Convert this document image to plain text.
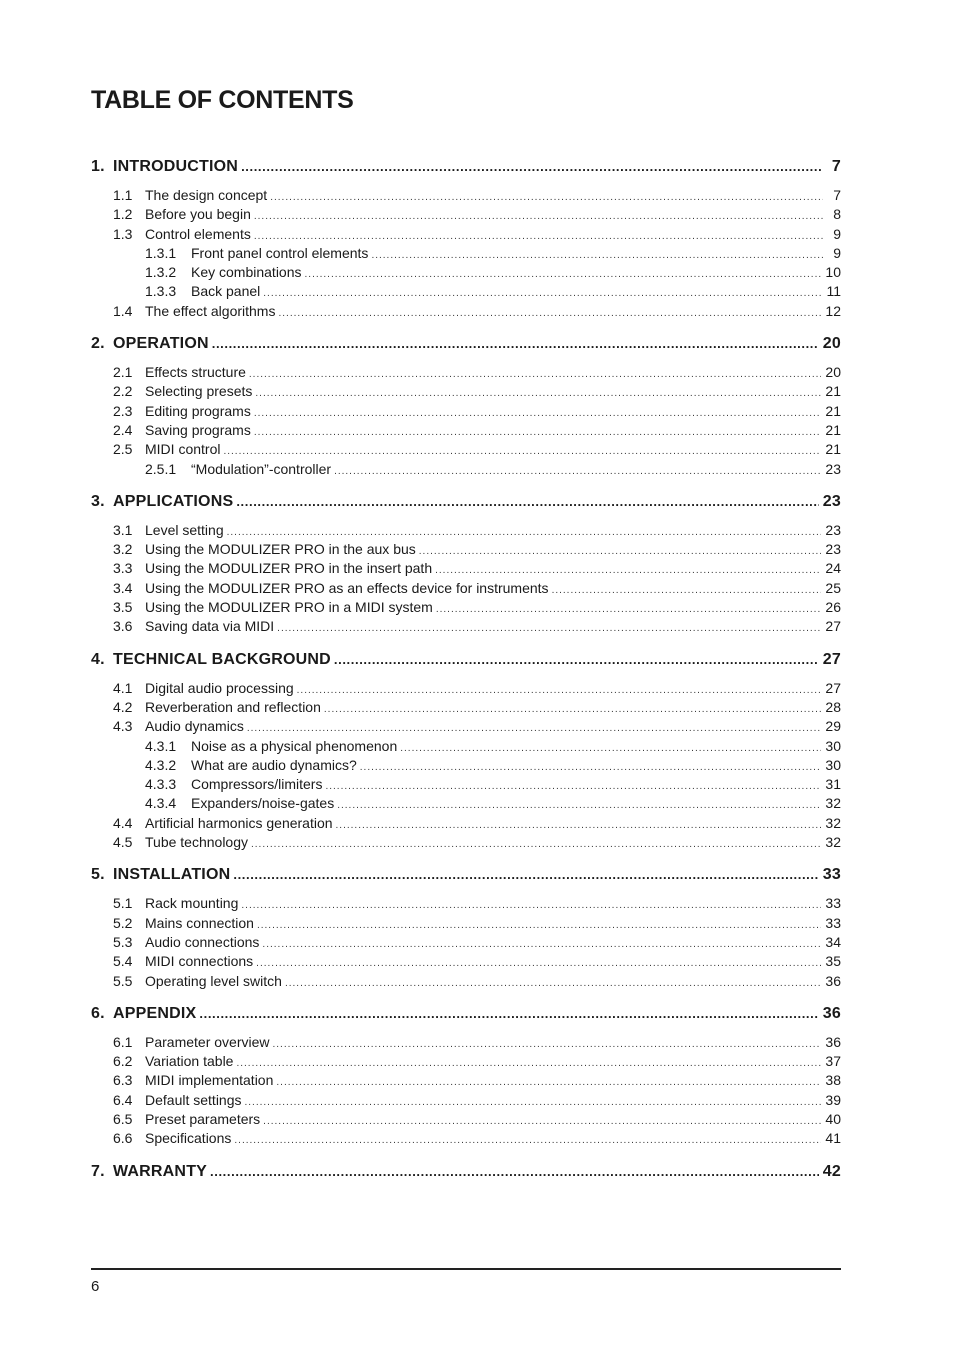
TABLE OF CONTENTS
1. INTRODUCTION .....	7
1.1 The design concept .....	7
1.2 Before you begin .....	8
1.3 Control elements .....	9
1.3.1	Front panel control elements .....	9
1.3.2	Key combinations .....	10
1.3.3	Back panel .....	11
1.4 The effect algorithms .....	12
2. OPERATION .....	20
2.1 Effects structure .....	20
2.2 Selecting presets .....	21
2.3 Editing programs .....	21
2.4 Saving programs .....	21
2.5 MIDI control .....	21
2.5.1	“Modulation”-controller .....	23
3. APPLICATIONS .....	23
3.1 Level setting .....	23
3.2 Using the MODULIZER PRO in the aux bus .....	23
3.3 Using the MODULIZER PRO in the insert path .....	24
3.4 Using the MODULIZER PRO as an effects device for instruments .....	25
3.5 Using the MODULIZER PRO in a MIDI system .....	26
3.6 Saving data via MIDI .....	27
4. TECHNICAL BACKGROUND .....	27
4.1 Digital audio processing .....	27
4.2 Reverberation and reflection .....	28
4.3 Audio dynamics .....	29
4.3.1	Noise as a physical phenomenon .....	30
4.3.2	What are audio dynamics? .....	30
4.3.3	Compressors/limiters .....	31
4.3.4	Expanders/noise-gates .....	32
4.4 Artificial harmonics generation .....	32
4.5 Tube technology .....	32
5. INSTALLATION .....	33
5.1 Rack mounting .....	33
5.2 Mains connection .....	33
5.3 Audio connections .....	34
5.4 MIDI connections .....	35
5.5 Operating level switch .....	36
6. APPENDIX .....	36
6.1 Parameter overview .....	36
6.2 Variation table .....	37
6.3 MIDI implementation .....	38
6.4 Default settings .....	39
6.5 Preset parameters .....	40
6.6 Specifications .....	41
7. WARRANTY .....	42
6
